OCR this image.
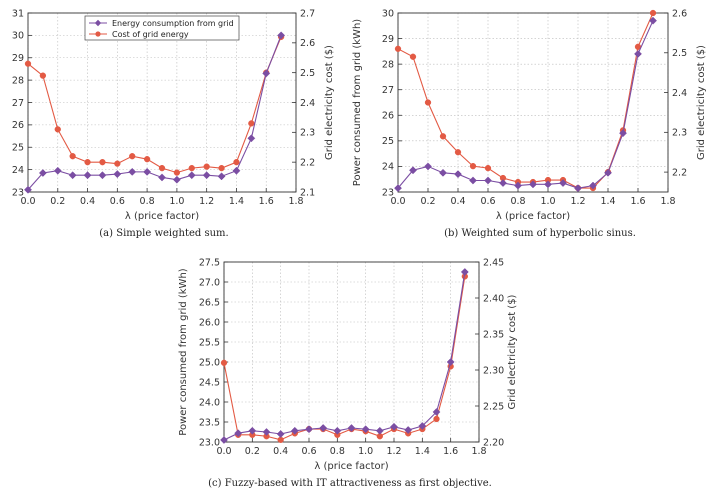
23
24
25
26
27
28
29
30
31
2.1
2.2
2.3
2.4
2.5
2.6
2.7
0.0 0.2 0.4 0.6 0.8 1.0 1.2 1.4 1.6 1.8
λ (price factor)
Grid electricity cost ($)
Energy consumption from grid
Cost of grid energy
23
24
25
26
27
28
29
30
2.2
2.3
2.4
2.5
2.6
0.0 0.2 0.4 0.6 0.8 1.0 1.2 1.4 1.6 1.8
λ (price factor)
Power consumed from grid (kWh)	Grid electricity cost ($)
23.0
23.5
24.0
24.5
25.0
25.5
26.0
26.5
27.0
27.5
2.20
2.25
2.30
2.35
2.40
2.45
0.0 0.2 0.4 0.6 0.8 1.0 1.2 1.4 1.6 1.8
λ (price factor)
Power consumed from grid (kWh)	Grid electricity cost ($)
(a) Simple weighted sum.	(b) Weighted sum of hyperbolic sinus.
(c) Fuzzy-based with IT attractiveness as first objective.
